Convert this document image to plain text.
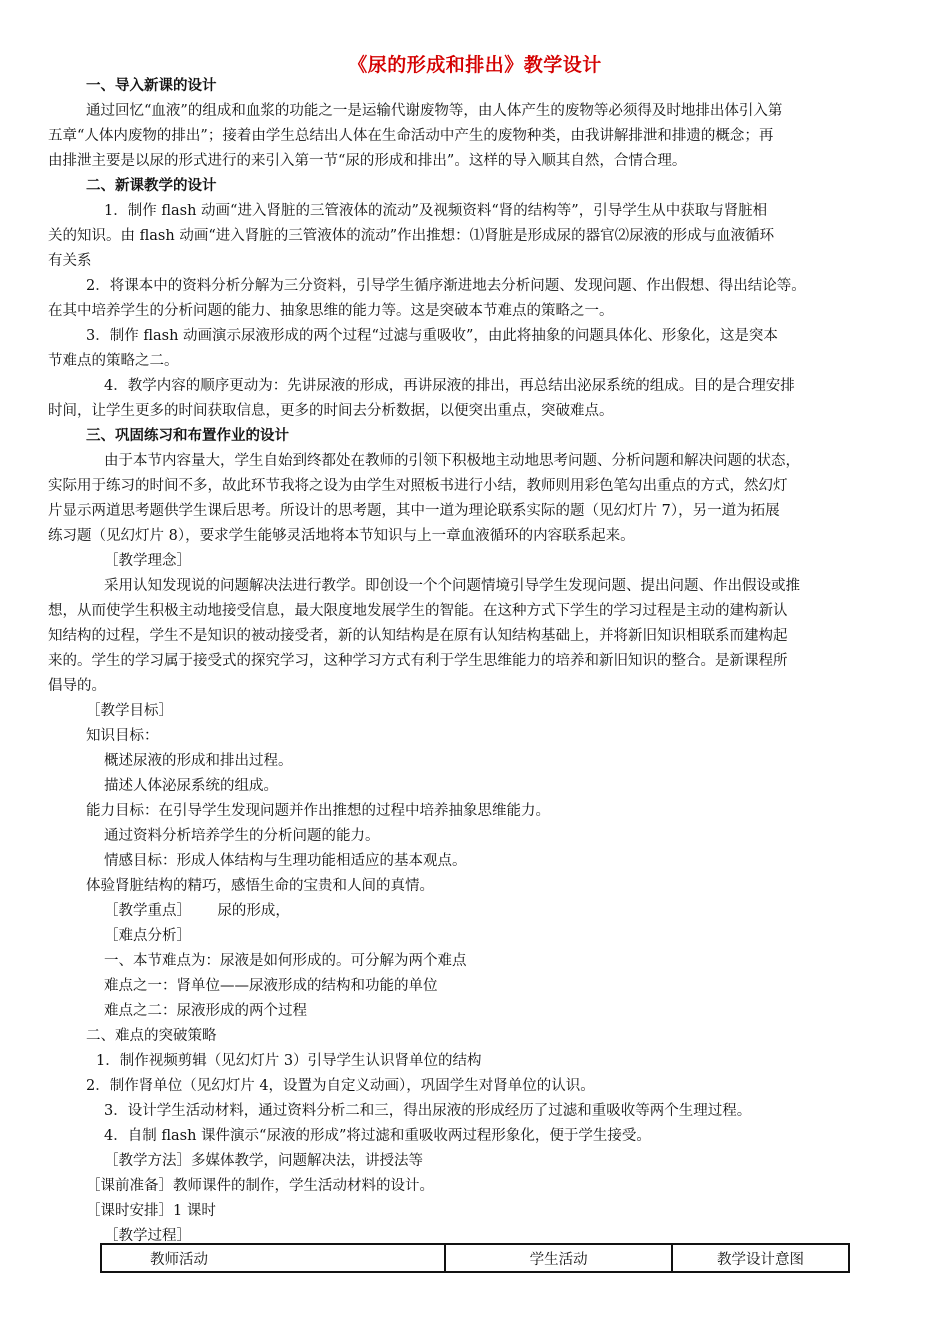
《尿的形成和排出》教学设计
一、导入新课的设计
通过回忆“血液”的组成和血浆的功能之一是运输代谢废物等，由人体产生的废物等必须得及时地排出体引入第
五章“人体内废物的排出”；接着由学生总结出人体在生命活动中产生的废物种类，由我讲解排泄和排遗的概念；再
由排泄主要是以尿的形式进行的来引入第一节“尿的形成和排出”。这样的导入顺其自然，合情合理。
二、新课教学的设计
1．制作 flash 动画“进入肾脏的三管液体的流动”及视频资料“肾的结构等”，引导学生从中获取与肾脏相
关的知识。由 flash 动画“进入肾脏的三管液体的流动”作出推想：⑴肾脏是形成尿的器官⑵尿液的形成与血液循环
有关系
2．将课本中的资料分析分解为三分资料，引导学生循序渐进地去分析问题、发现问题、作出假想、得出结论等。
在其中培养学生的分析问题的能力、抽象思维的能力等。这是突破本节难点的策略之一。
3．制作 flash 动画演示尿液形成的两个过程“过滤与重吸收”，由此将抽象的问题具体化、形象化，这是突本
节难点的策略之二。
4．教学内容的顺序更动为：先讲尿液的形成，再讲尿液的排出，再总结出泌尿系统的组成。目的是合理安排
时间，让学生更多的时间获取信息，更多的时间去分析数据，以便突出重点，突破难点。
三、巩固练习和布置作业的设计
由于本节内容量大，学生自始到终都处在教师的引领下积极地主动地思考问题、分析问题和解决问题的状态，
实际用于练习的时间不多，故此环节我将之设为由学生对照板书进行小结，教师则用彩色笔勾出重点的方式，然幻灯
片显示两道思考题供学生课后思考。所设计的思考题，其中一道为理论联系实际的题（见幻灯片 7），另一道为拓展
练习题（见幻灯片 8），要求学生能够灵活地将本节知识与上一章血液循环的内容联系起来。
［教学理念］
采用认知发现说的问题解决法进行教学。即创设一个个问题情境引导学生发现问题、提出问题、作出假设或推
想，从而使学生积极主动地接受信息，最大限度地发展学生的智能。在这种方式下学生的学习过程是主动的建构新认
知结构的过程，学生不是知识的被动接受者，新的认知结构是在原有认知结构基础上，并将新旧知识相联系而建构起
来的。学生的学习属于接受式的探究学习，这种学习方式有利于学生思维能力的培养和新旧知识的整合。是新课程所
倡导的。
［教学目标］
知识目标：
概述尿液的形成和排出过程。
描述人体泌尿系统的组成。
能力目标：在引导学生发现问题并作出推想的过程中培养抽象思维能力。
通过资料分析培养学生的分析问题的能力。
情感目标：形成人体结构与生理功能相适应的基本观点。
体验肾脏结构的精巧，感悟生命的宝贵和人间的真情。
［教学重点］　　 尿的形成，
［难点分析］
一、本节难点为：尿液是如何形成的。可分解为两个难点
难点之一：肾单位——尿液形成的结构和功能的单位
难点之二：尿液形成的两个过程
二、难点的突破策略
1．制作视频剪辑（见幻灯片 3）引导学生认识肾单位的结构
2．制作肾单位（见幻灯片 4，设置为自定义动画），巩固学生对肾单位的认识。
3．设计学生活动材料，通过资料分析二和三，得出尿液的形成经历了过滤和重吸收等两个生理过程。
4．自制 flash 课件演示“尿液的形成”将过滤和重吸收两过程形象化，便于学生接受。
［教学方法］多媒体教学，问题解决法，讲授法等
［课前准备］教师课件的制作，学生活动材料的设计。
［课时安排］1 课时
［教学过程］
教师活动	学生活动	教学设计意图
